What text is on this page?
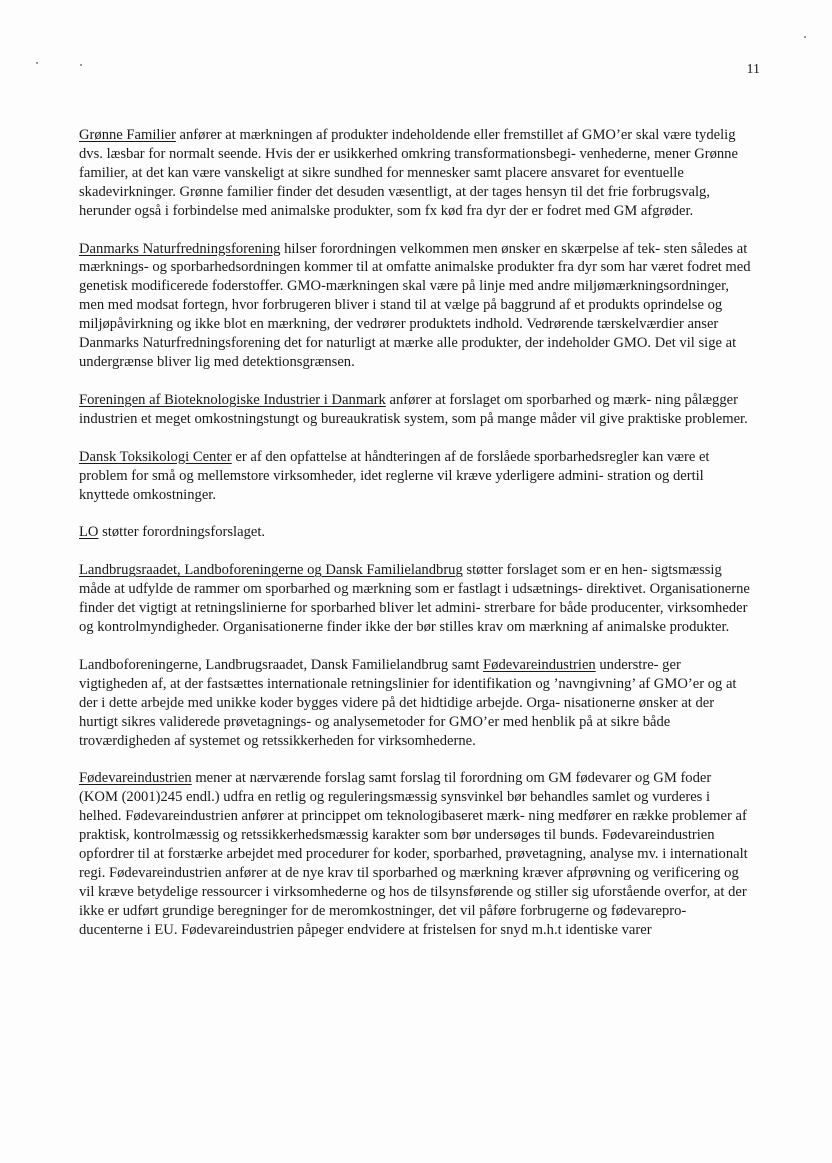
11

Grønne Familier anfører at mærkningen af produkter indeholdende eller fremstillet af GMO’er skal være tydelig dvs. læsbar for normalt seende. Hvis der er usikkerhed omkring transformationsbegi- venhederne, mener Grønne familier, at det kan være vanskeligt at sikre sundhed for mennesker samt placere ansvaret for eventuelle skadevirkninger. Grønne familier finder det desuden væsentligt, at der tages hensyn til det frie forbrugsvalg, herunder også i forbindelse med animalske produkter, som fx kød fra dyr der er fodret med GM afgrøder.

Danmarks Naturfredningsforening hilser forordningen velkommen men ønsker en skærpelse af tek- sten således at mærknings- og sporbarhedsordningen kommer til at omfatte animalske produkter fra dyr som har været fodret med genetisk modificerede foderstoffer. GMO-mærkningen skal være på linje med andre miljømærkningsordninger, men med modsat fortegn, hvor forbrugeren bliver i stand til at vælge på baggrund af et produkts oprindelse og miljøpåvirkning og ikke blot en mærkning, der vedrører produktets indhold. Vedrørende tærskelværdier anser Danmarks Naturfredningsforening det for naturligt at mærke alle produkter, der indeholder GMO. Det vil sige at undergrænse bliver lig med detektionsgrænsen.

Foreningen af Bioteknologiske Industrier i Danmark anfører at forslaget om sporbarhed og mærk- ning pålægger industrien et meget omkostningstungt og bureaukratisk system, som på mange måder vil give praktiske problemer.

Dansk Toksikologi Center er af den opfattelse at håndteringen af de forslåede sporbarhedsregler kan være et problem for små og mellemstore virksomheder, idet reglerne vil kræve yderligere admini- stration og dertil knyttede omkostninger.

LO støtter forordningsforslaget.

Landbrugsraadet, Landboforeningerne og Dansk Familielandbrug støtter forslaget som er en hen- sigtsmæssig måde at udfylde de rammer om sporbarhed og mærkning som er fastlagt i udsætnings- direktivet. Organisationerne finder det vigtigt at retningslinierne for sporbarhed bliver let admini- strerbare for både producenter, virksomheder og kontrolmyndigheder. Organisationerne finder ikke der bør stilles krav om mærkning af animalske produkter.

Landboforeningerne, Landbrugsraadet, Dansk Familielandbrug samt Fødevareindustrien understre- ger vigtigheden af, at der fastsættes internationale retningslinier for identifikation og ’navngivning’ af GMO’er og at der i dette arbejde med unikke koder bygges videre på det hidtidige arbejde. Orga- nisationerne ønsker at der hurtigt sikres validerede prøvetagnings- og analysemetoder for GMO’er med henblik på at sikre både troværdigheden af systemet og retssikkerheden for virksomhederne.

Fødevareindustrien mener at nærværende forslag samt forslag til forordning om GM fødevarer og GM foder (KOM (2001)245 endl.) udfra en retlig og reguleringsmæssig synsvinkel bør behandles samlet og vurderes i helhed. Fødevareindustrien anfører at princippet om teknologibaseret mærk- ning medfører en række problemer af praktisk, kontrolmæssig og retssikkerhedsmæssig karakter som bør undersøges til bunds. Fødevareindustrien opfordrer til at forstærke arbejdet med procedurer for koder, sporbarhed, prøvetagning, analyse mv. i internationalt regi. Fødevareindustrien anfører at de nye krav til sporbarhed og mærkning kræver afprøvning og verificering og vil kræve betydelige ressourcer i virksomhederne og hos de tilsynsførende og stiller sig uforstående overfor, at der ikke er udført grundige beregninger for de meromkostninger, det vil påføre forbrugerne og fødevarepro- ducenterne i EU. Fødevareindustrien påpeger endvidere at fristelsen for snyd m.h.t identiske varer
